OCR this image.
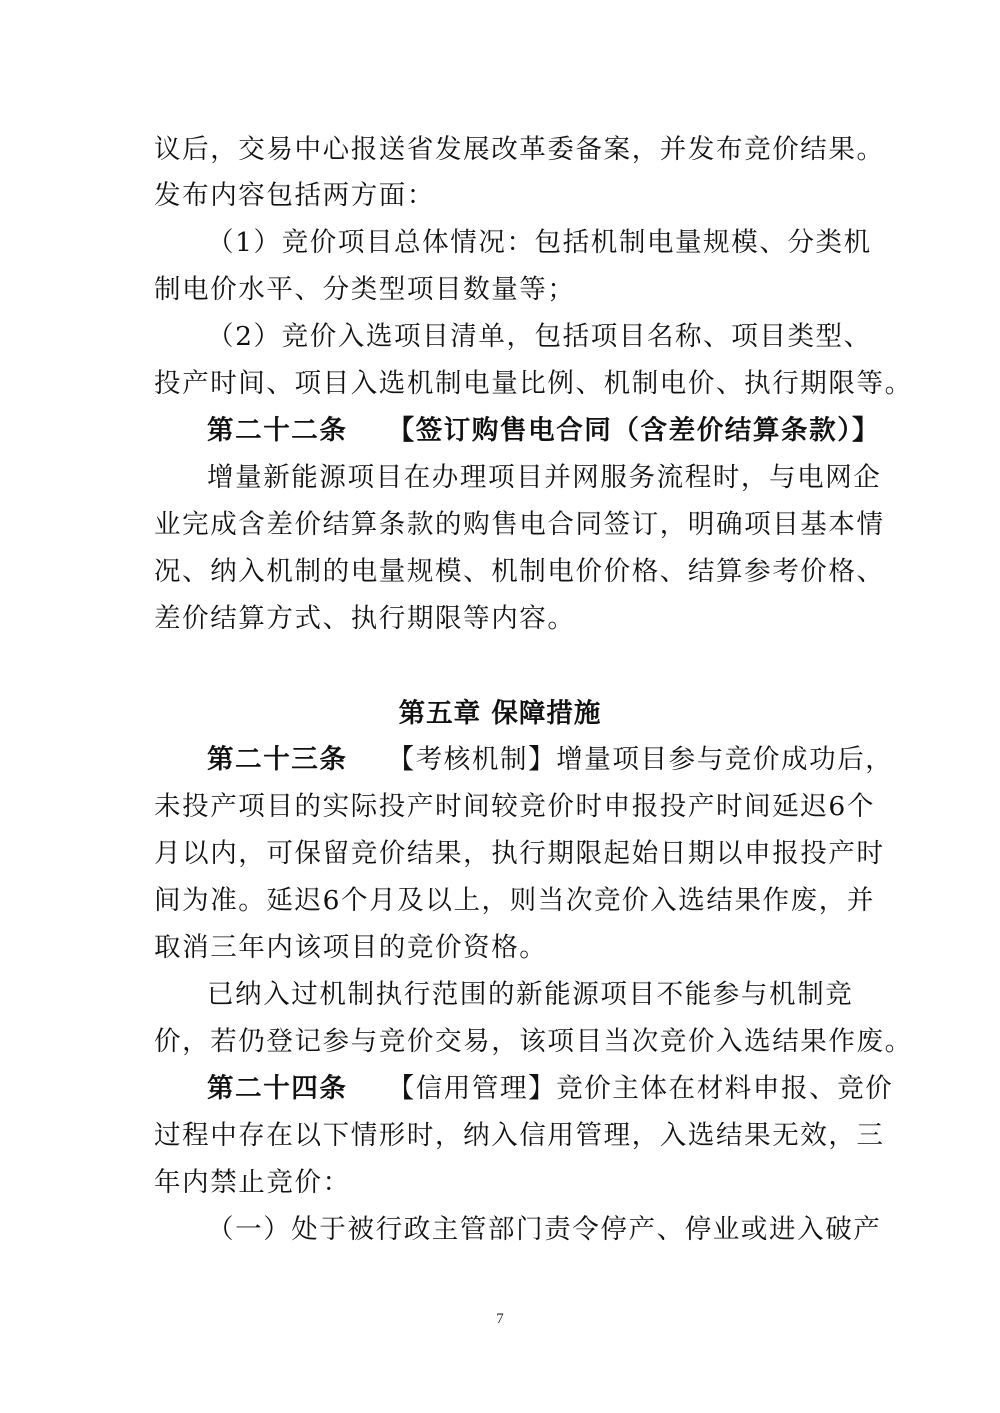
议后，交易中心报送省发展改革委备案，并发布竞价结果。
发布内容包括两方面：
（1）竞价项目总体情况：包括机制电量规模、分类机
制电价水平、分类型项目数量等；
（2）竞价入选项目清单，包括项目名称、项目类型、
投产时间、项目入选机制电量比例、机制电价、执行期限等。
第二十二条 【签订购售电合同（含差价结算条款）】
增量新能源项目在办理项目并网服务流程时，与电网企
业完成含差价结算条款的购售电合同签订，明确项目基本情
况、纳入机制的电量规模、机制电价价格、结算参考价格、
差价结算方式、执行期限等内容。
第五章 保障措施
第二十三条 【考核机制】增量项目参与竞价成功后，
未投产项目的实际投产时间较竞价时申报投产时间延迟6个
月以内，可保留竞价结果，执行期限起始日期以申报投产时
间为准。延迟6个月及以上，则当次竞价入选结果作废，并
取消三年内该项目的竞价资格。
已纳入过机制执行范围的新能源项目不能参与机制竞
价，若仍登记参与竞价交易，该项目当次竞价入选结果作废。
第二十四条 【信用管理】竞价主体在材料申报、竞价
过程中存在以下情形时，纳入信用管理，入选结果无效，三
年内禁止竞价：
（一）处于被行政主管部门责令停产、停业或进入破产
7
